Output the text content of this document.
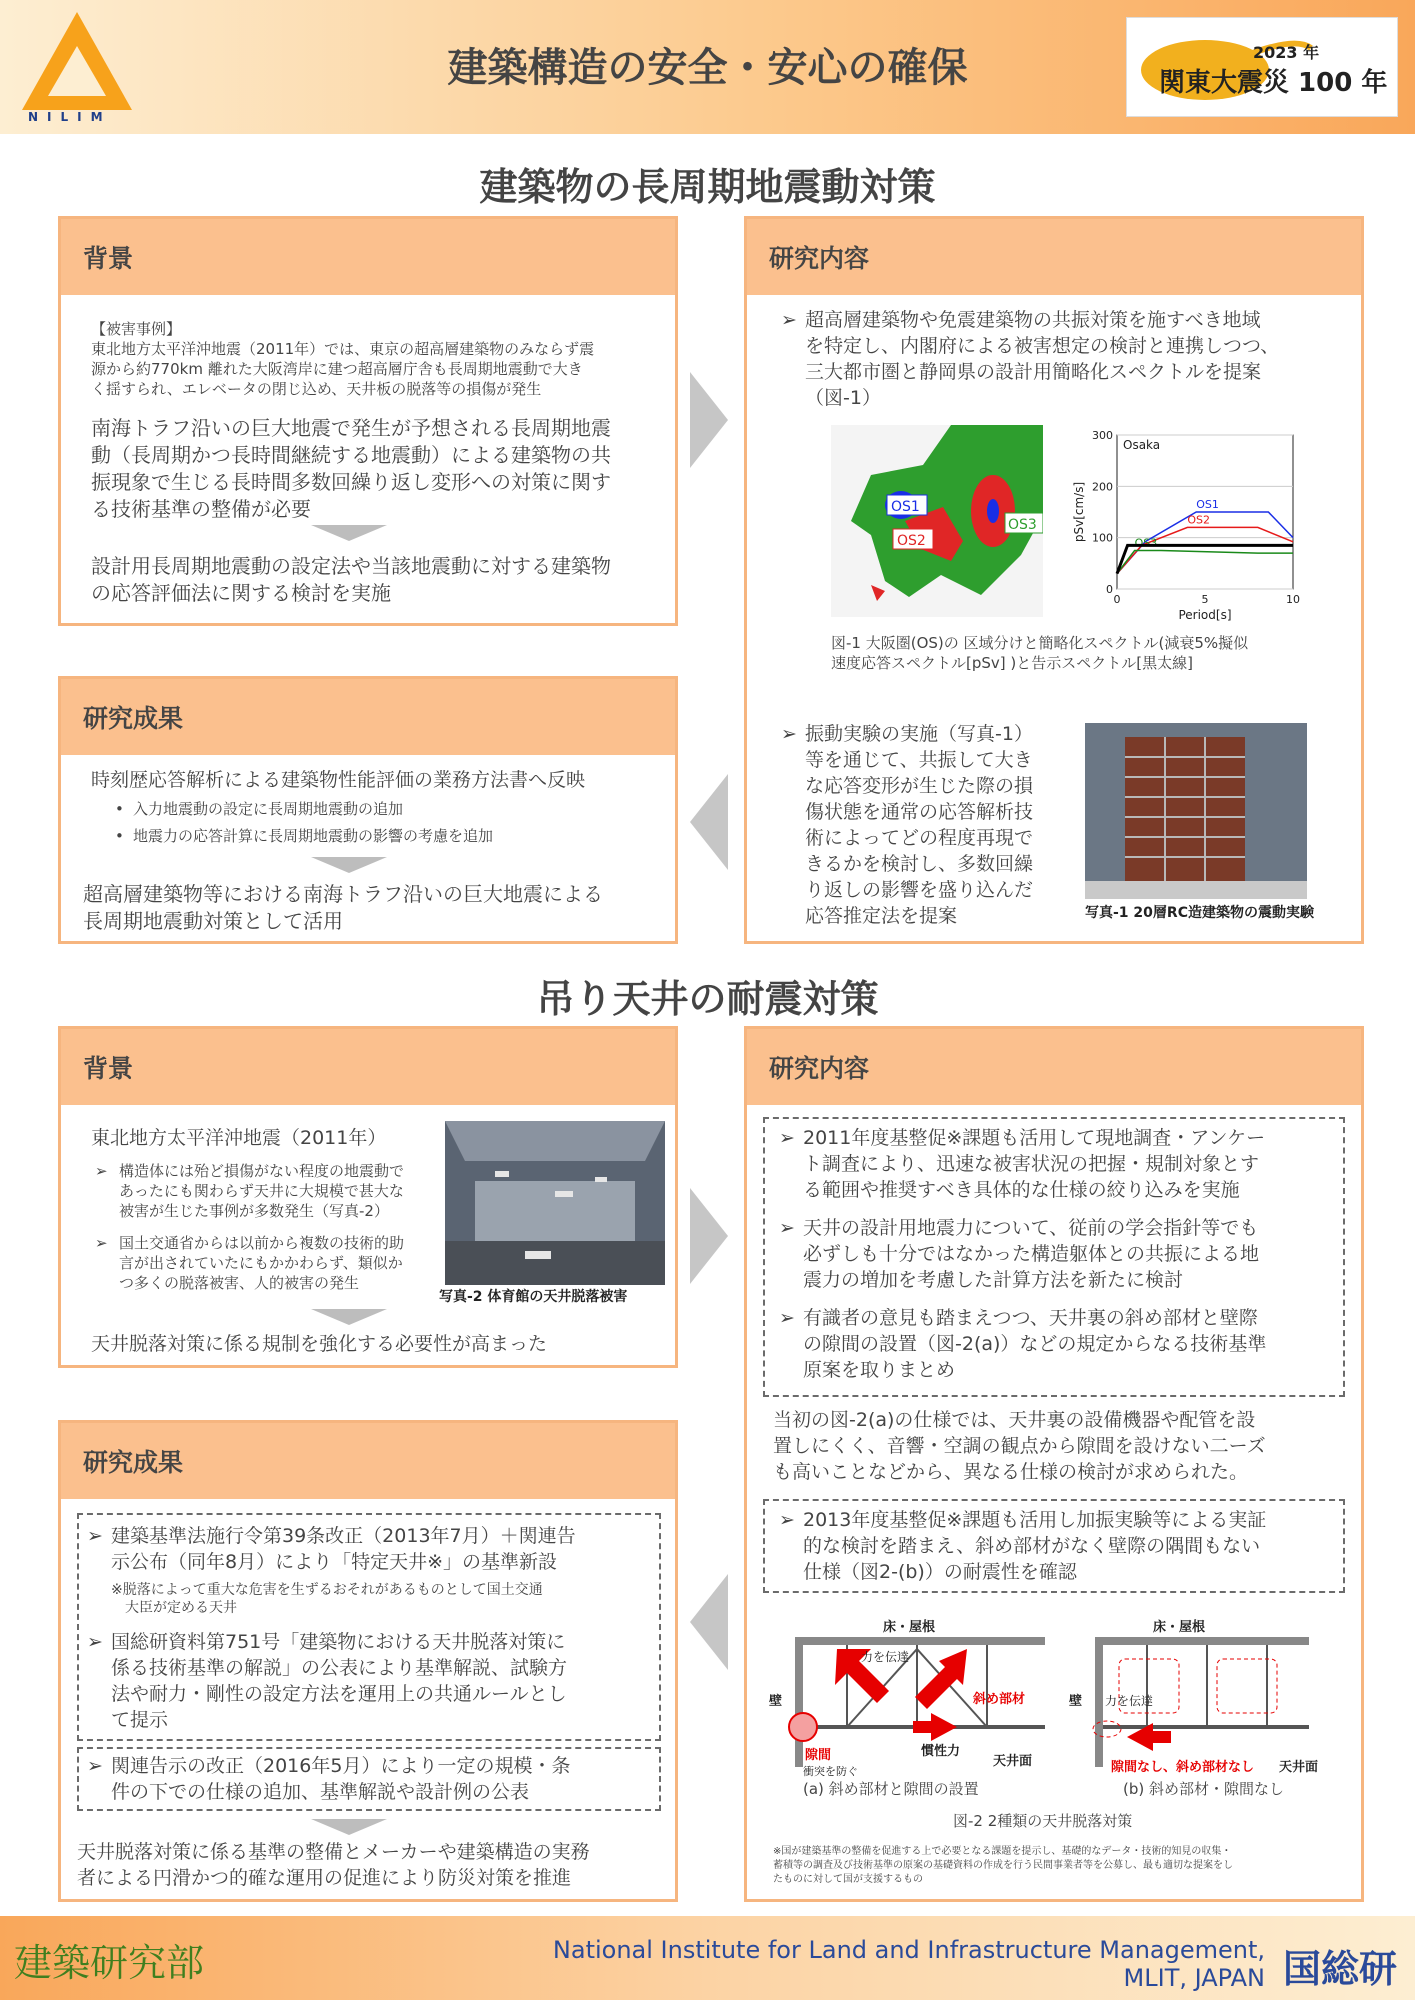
NILIM
建築構造の安全・安心の確保	2023 年
関東大震災 100 年
建築物の長周期地震動対策
背景
【被害事例】
東北地方太平洋沖地震（2011年）では、東京の超高層建築物のみならず震
源から約770km 離れた大阪湾岸に建つ超高層庁舎も長周期地震動で大き
く揺すられ、エレベータの閉じ込め、天井板の脱落等の損傷が発生
南海トラフ沿いの巨大地震で発生が予想される長周期地震
動（長周期かつ長時間継続する地震動）による建築物の共
振現象で生じる長時間多数回繰り返し変形への対策に関す
る技術基準の整備が必要
設計用長周期地震動の設定法や当該地震動に対する建築物
の応答評価法に関する検討を実施
研究成果
時刻歴応答解析による建築物性能評価の業務方法書へ反映
• 入力地震動の設定に長周期地震動の追加
• 地震力の応答計算に長周期地震動の影響の考慮を追加
超高層建築物等における南海トラフ沿いの巨大地震による
長周期地震動対策として活用
研究内容
➢ 超高層建築物や免震建築物の共振対策を施すべき地域
を特定し、内閣府による被害想定の検討と連携しつつ、
三大都市圏と静岡県の設計用簡略化スペクトルを提案
（図-1）
OS1
OS2
OS3
OS1
OS2
OS3
0	5	10
0
100
200
300
Osaka
Period[s]
pSv[cm/s]
図-1 大阪圏(OS)の 区域分けと簡略化スペクトル(減衰5%擬似
速度応答スペクトル[pSv] )と告示スペクトル[黒太線]
➢ 振動実験の実施（写真-1）
等を通じて、共振して大き
な応答変形が生じた際の損
傷状態を通常の応答解析技
術によってどの程度再現で
きるかを検討し、多数回繰
り返しの影響を盛り込んだ
応答推定法を提案	写真-1 20層RC造建築物の震動実験
吊り天井の耐震対策
背景
東北地方太平洋沖地震（2011年）
➢ 構造体には殆ど損傷がない程度の地震動で
あったにも関わらず天井に大規模で甚大な
被害が生じた事例が多数発生（写真-2）
➢ 国土交通省からは以前から複数の技術的助
言が出されていたにもかかわらず、類似か
つ多くの脱落被害、人的被害の発生
写真-2 体育館の天井脱落被害
天井脱落対策に係る規制を強化する必要性が高まった
研究成果
➢ 建築基準法施行令第39条改正（2013年7月）＋関連告
示公布（同年8月）により「特定天井※」の基準新設
※脱落によって重大な危害を生ずるおそれがあるものとして国土交通
大臣が定める天井
➢ 国総研資料第751号「建築物における天井脱落対策に
係る技術基準の解説」の公表により基準解説、試験方
法や耐力・剛性の設定方法を運用上の共通ルールとし
て提示
➢ 関連告示の改正（2016年5月）により一定の規模・条
件の下での仕様の追加、基準解説や設計例の公表
天井脱落対策に係る基準の整備とメーカーや建築構造の実務
者による円滑かつ的確な運用の促進により防災対策を推進
研究内容
➢ 2011年度基整促※課題も活用して現地調査・アンケー
ト調査により、迅速な被害状況の把握・規制対象とす
る範囲や推奨すべき具体的な仕様の絞り込みを実施
➢ 天井の設計用地震力について、従前の学会指針等でも
必ずしも十分ではなかった構造躯体との共振による地
震力の増加を考慮した計算方法を新たに検討
➢ 有識者の意見も踏まえつつ、天井裏の斜め部材と壁際
の隙間の設置（図-2(a)）などの規定からなる技術基準
原案を取りまとめ
当初の図-2(a)の仕様では、天井裏の設備機器や配管を設
置しにくく、音響・空調の観点から隙間を設けない二ーズ
も高いことなどから、異なる仕様の検討が求められた。
➢ 2013年度基整促※課題も活用し加振実験等による実証
的な検討を踏まえ、斜め部材がなく壁際の隅間もない
仕様（図2-(b)）の耐震性を確認
床・屋根
壁
力を伝達
斜め部材
隙間
衝突を防ぐ
慣性力
天井面
床・屋根
壁 力を伝達
隙間なし、斜め部材なし 天井面
(a) 斜め部材と隙間の設置	(b) 斜め部材・隙間なし
図-2 2種類の天井脱落対策
※国が建築基準の整備を促進する上で必要となる課題を提示し、基礎的なデータ・技術的知見の収集・
蓄積等の調査及び技術基準の原案の基礎資料の作成を行う民間事業者等を公募し、最も適切な提案をし
たものに対して国が支援するもの
建築研究部	National Institute for Land and Infrastructure Management,
MLIT, JAPAN 国総研
